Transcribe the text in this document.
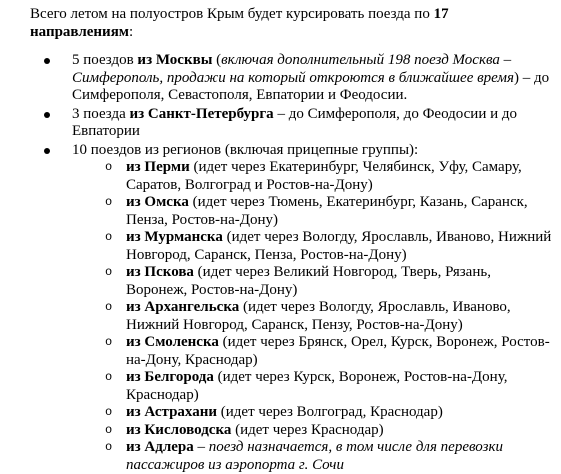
Всего летом на полуостров Крым будет курсировать поезда по 17 направлениям:

5 поездов из Москвы (включая дополнительный 198 поезд Москва – Симферополь, продажи на который откроются в ближайшее время) – до Симферополя, Севастополя, Евпатории и Феодосии.
3 поезда из Санкт-Петербурга – до Симферополя, до Феодосии и до Евпатории
10 поездов из регионов (включая прицепные группы):
o из Перми (идет через Екатеринбург, Челябинск, Уфу, Самару, Саратов, Волгоград и Ростов-на-Дону)
o из Омска (идет через Тюмень, Екатеринбург, Казань, Саранск, Пенза, Ростов-на-Дону)
o из Мурманска (идет через Вологду, Ярославль, Иваново, Нижний Новгород, Саранск, Пенза, Ростов-на-Дону)
o из Пскова (идет через Великий Новгород, Тверь, Рязань, Воронеж, Ростов-на-Дону)
o из Архангельска (идет через Вологду, Ярославль, Иваново, Нижний Новгород, Саранск, Пензу, Ростов-на-Дону)
o из Смоленска (идет через Брянск, Орел, Курск, Воронеж, Ростов-на-Дону, Краснодар)
o из Белгорода (идет через Курск, Воронеж, Ростов-на-Дону, Краснодар)
o из Астрахани (идет через Волгоград, Краснодар)
o из Кисловодска (идет через Краснодар)
o из Адлера – поезд назначается, в том числе для перевозки пассажиров из аэропорта г. Сочи
